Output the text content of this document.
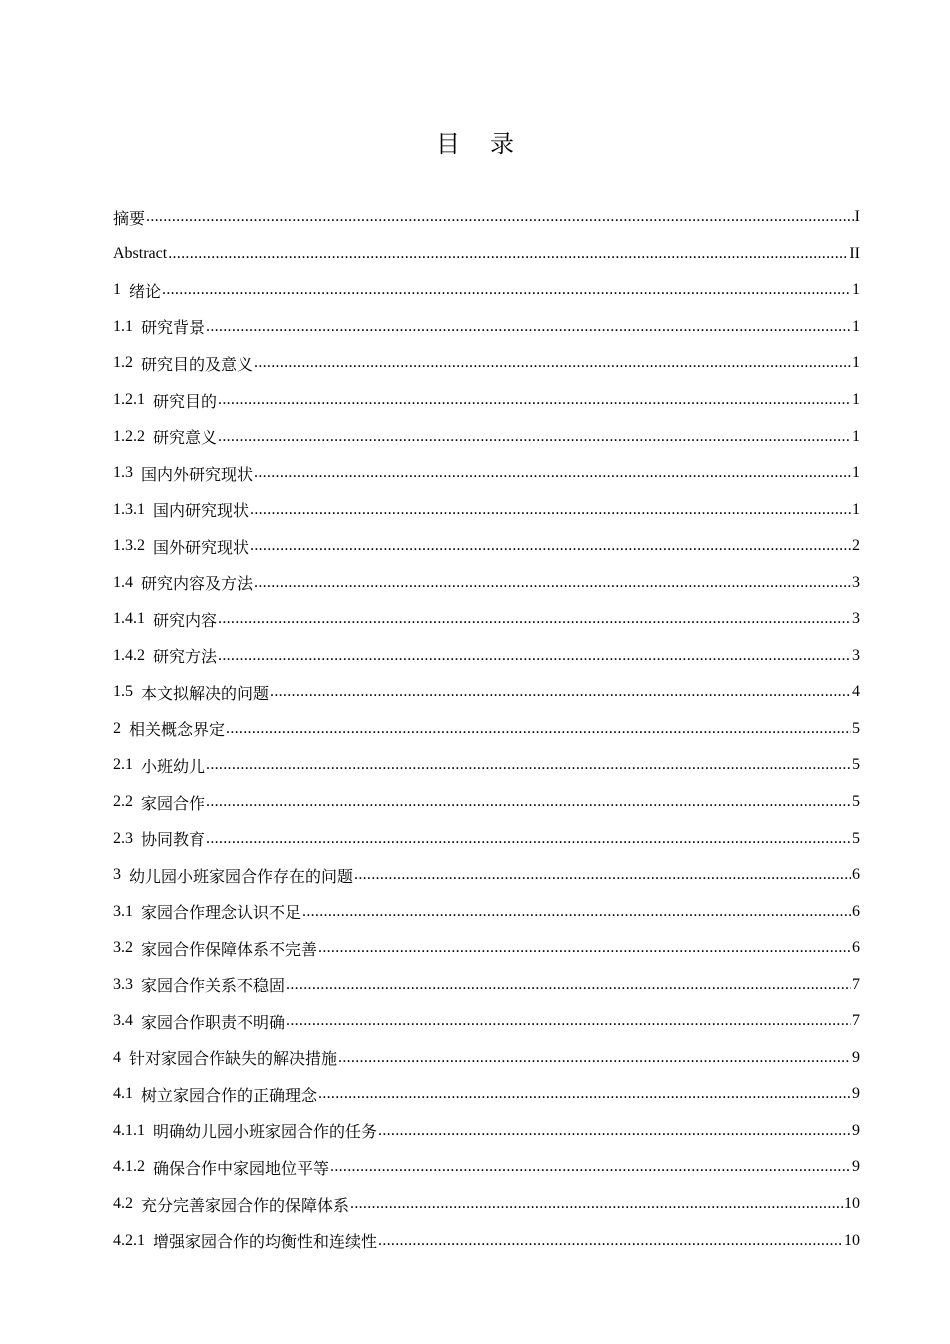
目 录
摘要 .....	I
Abstract .....	II
1 绪论 .....	1
1.1 研究背景 .....	1
1.2 研究目的及意义 .....	1
1.2.1 研究目的 .....	1
1.2.2 研究意义 .....	1
1.3 国内外研究现状 .....	1
1.3.1 国内研究现状 .....	1
1.3.2 国外研究现状 .....	2
1.4 研究内容及方法 .....	3
1.4.1 研究内容 .....	3
1.4.2 研究方法 .....	3
1.5 本文拟解决的问题 .....	4
2 相关概念界定 .....	5
2.1 小班幼儿 .....	5
2.2 家园合作 .....	5
2.3 协同教育 .....	5
3 幼儿园小班家园合作存在的问题 .....	6
3.1 家园合作理念认识不足 .....	6
3.2 家园合作保障体系不完善 .....	6
3.3 家园合作关系不稳固 .....	7
3.4 家园合作职责不明确 .....	7
4 针对家园合作缺失的解决措施 .....	9
4.1 树立家园合作的正确理念 .....	9
4.1.1 明确幼儿园小班家园合作的任务 .....	9
4.1.2 确保合作中家园地位平等 .....	9
4.2 充分完善家园合作的保障体系 .....	10
4.2.1 增强家园合作的均衡性和连续性 .....	10
